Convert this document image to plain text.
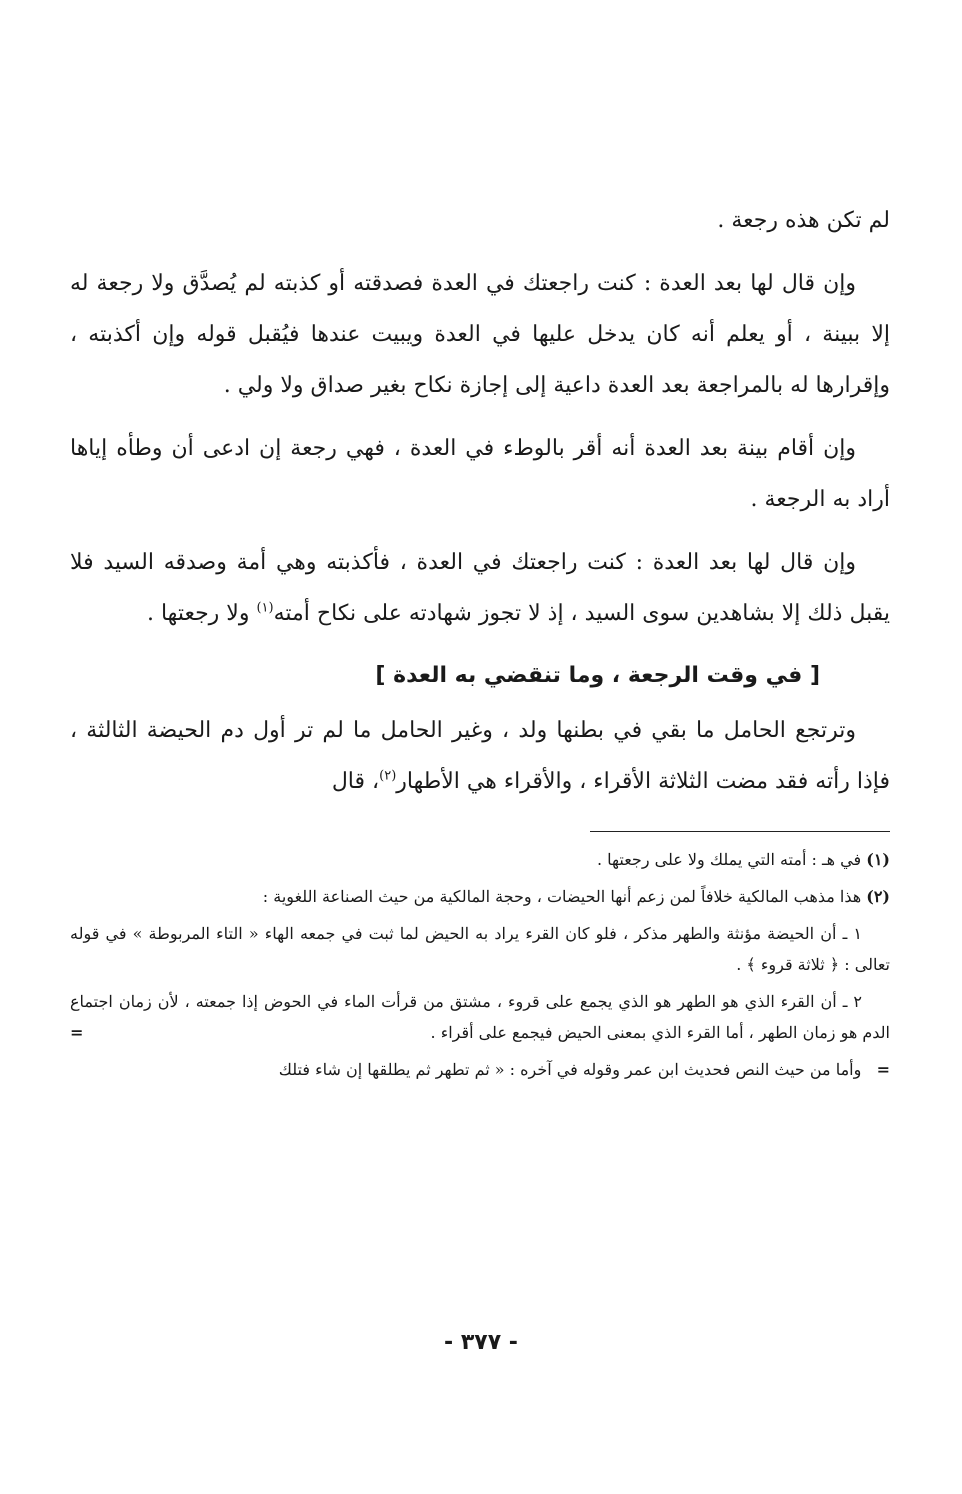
لم تكن هذه رجعة .

وإن قال لها بعد العدة : كنت راجعتك في العدة فصدقته أو كذبته لم يُصدَّق ولا رجعة له إلا ببينة ، أو يعلم أنه كان يدخل عليها في العدة ويبيت عندها فيُقبل قوله وإن أكذبته ، وإقرارها له بالمراجعة بعد العدة داعية إلى إجازة نكاح بغير صداق ولا ولي .

وإن أقام بينة بعد العدة أنه أقر بالوطء في العدة ، فهي رجعة إن ادعى أن وطأه إياها أراد به الرجعة .

وإن قال لها بعد العدة : كنت راجعتك في العدة ، فأكذبته وهي أمة وصدقه السيد فلا يقبل ذلك إلا بشاهدين سوى السيد ، إذ لا تجوز شهادته على نكاح أمته$^{(١)}$ ولا رجعتها .

[ في وقت الرجعة ، وما تنقضي به العدة ]

وترتجع الحامل ما بقي في بطنها ولد ، وغير الحامل ما لم تر أول دم الحيضة الثالثة ، فإذا رأته فقد مضت الثلاثة الأقراء ، والأقراء هي الأطهار$^{(٢)}$، قال

(١) في هـ : أمته التي يملك ولا على رجعتها .

(٢) هذا مذهب المالكية خلافاً لمن زعم أنها الحيضات ، وحجة المالكية من حيث الصناعة اللغوية :

١ ـ أن الحيضة مؤنثة والطهر مذكر ، فلو كان القرء يراد به الحيض لما ثبت في جمعه الهاء « التاء المربوطة » في قوله تعالى : ﴿ ثلاثة قروء ﴾ .

٢ ـ أن القرء الذي هو الطهر هو الذي يجمع على قروء ، مشتق من قرأت الماء في الحوض إذا جمعته ، لأن زمان اجتماع الدم هو زمان الطهر ، أما القرء الذي بمعنى الحيض فيجمع على أقراء .
=

=   وأما من حيث النص فحديث ابن عمر وقوله في آخره : « ثم تطهر ثم يطلقها إن شاء فتلك

- ٣٧٧ -
